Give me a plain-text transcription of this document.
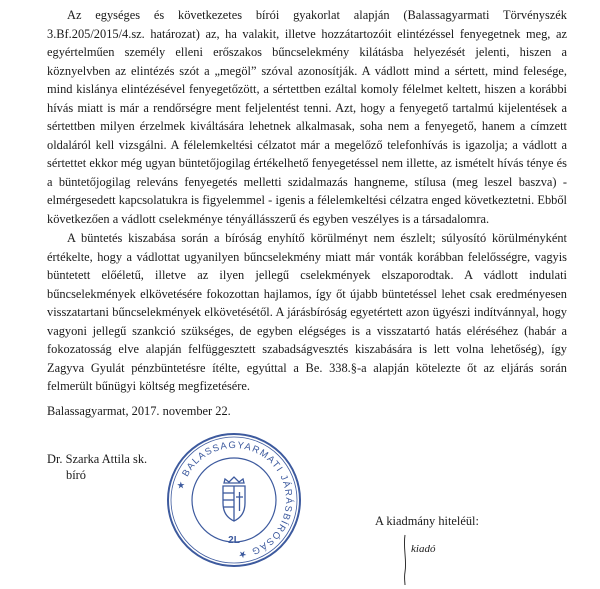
Az egységes és következetes bírói gyakorlat alapján (Balassagyarmati Törvényszék 3.Bf.205/2015/4.sz. határozat) az, ha valakit, illetve hozzátartozóit elintézéssel fenyegetnek meg, az egyértelműen személy elleni erőszakos bűncselekmény kilátásba helyezését jelenti, hiszen a köznyelvben az elintézés szót a „megöl” szóval azonosítják. A vádlott mind a sértett, mind felesége, mind kislánya elintézésével fenyegetőzött, a sértettben ezáltal komoly félelmet keltett, hiszen a korábbi hívás miatt is már a rendőrségre ment feljelentést tenni. Azt, hogy a fenyegető tartalmú kijelentések a sértettben milyen érzelmek kiváltására lehetnek alkalmasak, soha nem a fenyegető, hanem a címzett oldaláról kell vizsgálni. A félelemkeltési célzatot már a megelőző telefonhívás is igazolja; a vádlott a sértettet ekkor még ugyan büntetőjogilag értékelhető fenyegetéssel nem illette, az ismételt hívás ténye és a büntetőjogilag releváns fenyegetés melletti szidalmazás hangneme, stílusa (meg leszel baszva) - elmérgesedett kapcsolatukra is figyelemmel - igenis a félelemkeltési célzatra enged következtetni. Ebből következően a vádlott cselekménye tényállásszerű és egyben veszélyes is a társadalomra.

A büntetés kiszabása során a bíróság enyhítő körülményt nem észlelt; súlyosító körülményként értékelte, hogy a vádlottat ugyanilyen bűncselekmény miatt már vonták korábban felelősségre, vagyis büntetett előéletű, illetve az ilyen jellegű cselekmények elszaporodtak. A vádlott indulati bűncselekmények elkövetésére fokozottan hajlamos, így őt újabb büntetéssel lehet csak eredményesen visszatartani bűncselekmények elkövetésétől. A járásbíróság egyetértett azon ügyészi indítvánnyal, hogy vagyoni jellegű szankció szükséges, de egyben elégséges is a visszatartó hatás eléréséhez (habár a fokozatosság elve alapján felfüggesztett szabadságvesztés kiszabására is lett volna lehetőség), így Zagyva Gyulát pénzbüntetésre ítélte, egyúttal a Be. 338.§-a alapján kötelezte őt az eljárás során felmerült bűnügyi költség megfizetésére.

Balassagyarmat, 2017. november 22.

Dr. Szarka Attila sk.

bíró

★ BALASSAGYARMATI JÁRÁSBÍRÓSÁG ★
2L

A kiadmány hiteléül:

kiadó
